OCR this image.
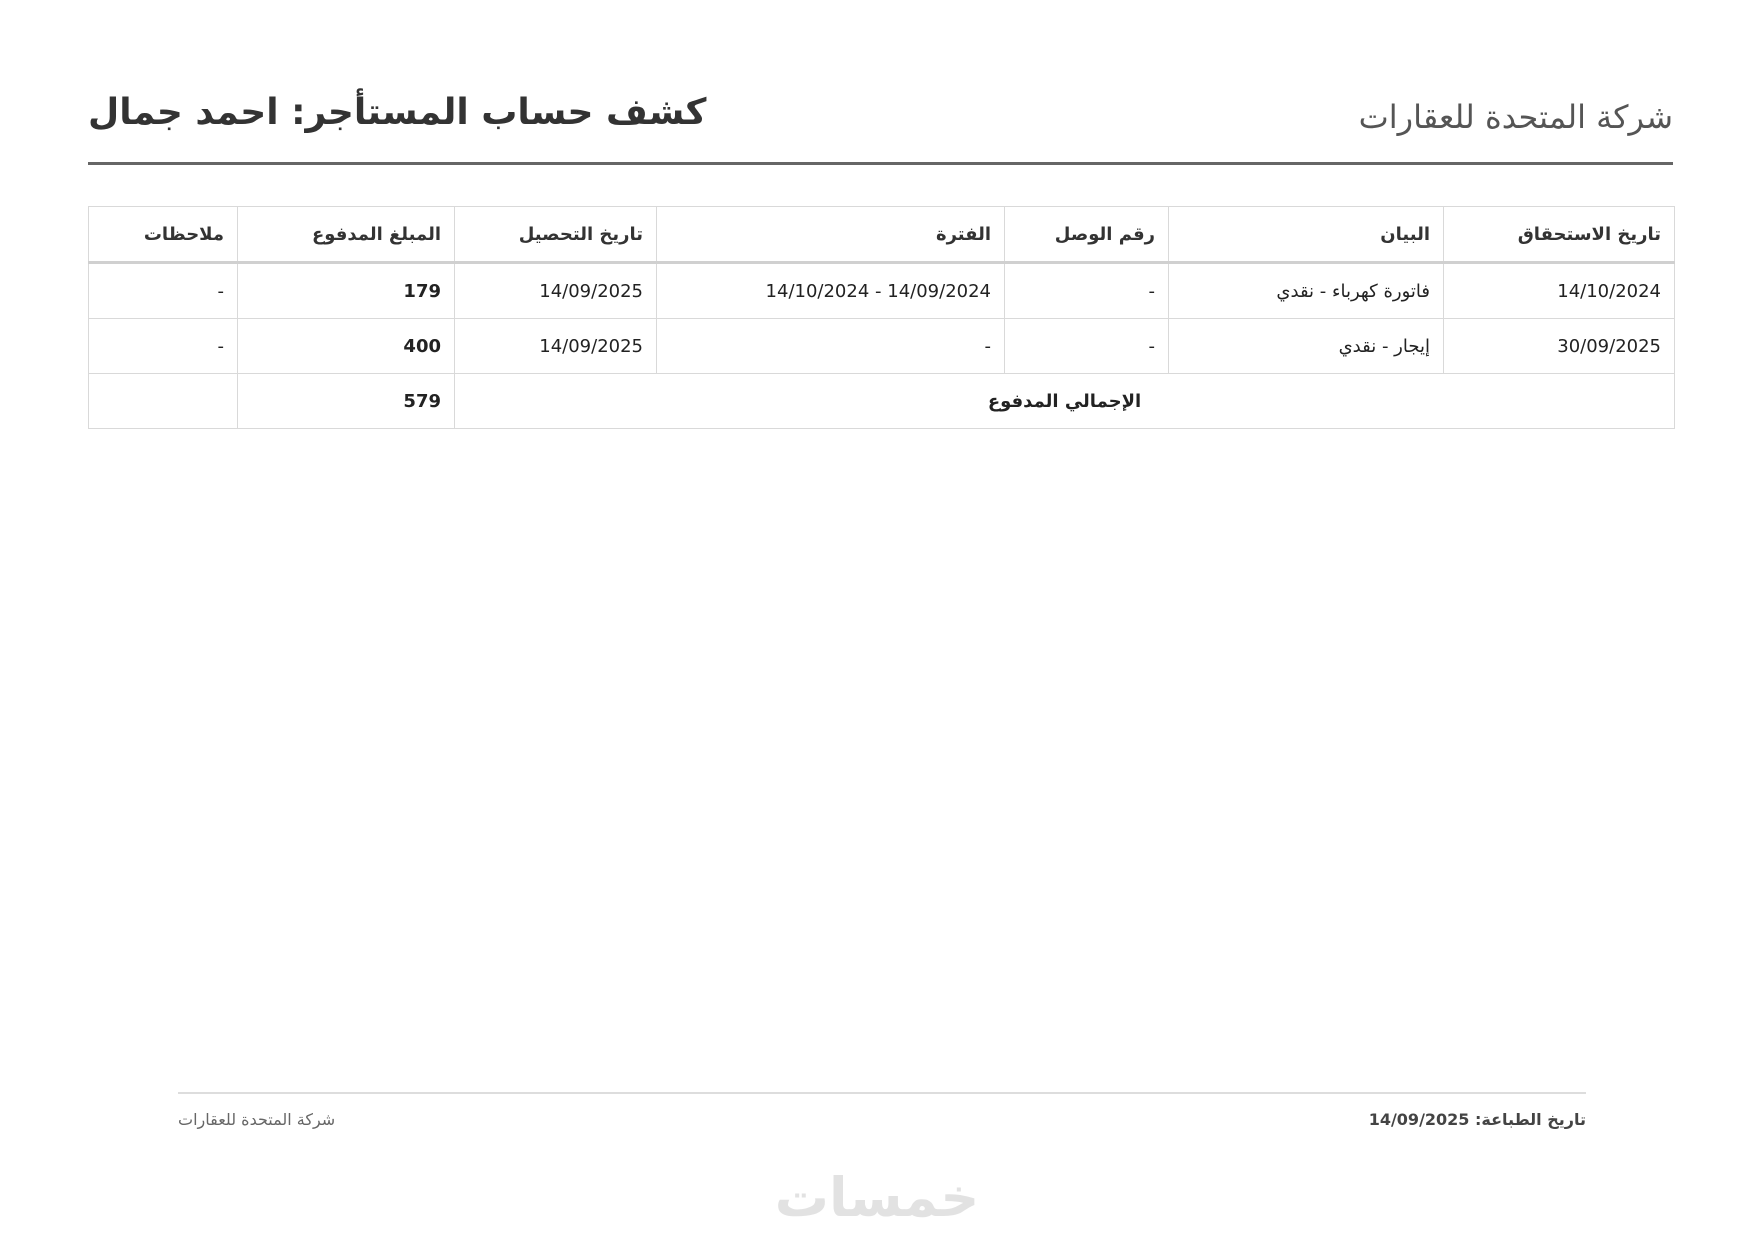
شركة المتحدة للعقارات
كشف حساب المستأجر: احمد جمال
تاريخ الاستحقاق	البيان	رقم الوصل	الفترة	تاريخ التحصيل	المبلغ المدفوع	ملاحظات
14/10/2024	فاتورة كهرباء - نقدي	-	14/09/2024 - 14/10/2024	14/09/2025	179	-
30/09/2025	إيجار - نقدي	-	-	14/09/2025	400	-
الإجمالي المدفوع					579	
تاريخ الطباعة: 14/09/2025
شركة المتحدة للعقارات
خمسات
